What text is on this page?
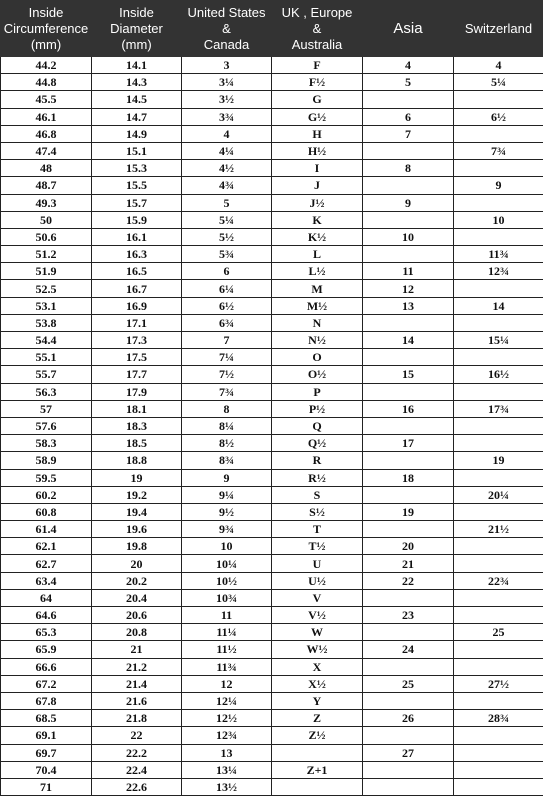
Inside
Circumference
(mm)	Inside
Diameter
(mm)	United States
&
Canada	UK , Europe
&
Australia	Asia	Switzerland

44.2	14.1	3	F	4	4
44.8	14.3	3¼	F½	5	5¼
45.5	14.5	3½	G		
46.1	14.7	3¾	G½	6	6½
46.8	14.9	4	H	7	
47.4	15.1	4¼	H½		7¾
48	15.3	4½	I	8	
48.7	15.5	4¾	J		9
49.3	15.7	5	J½	9	
50	15.9	5¼	K		10
50.6	16.1	5½	K½	10	
51.2	16.3	5¾	L		11¾
51.9	16.5	6	L½	11	12¾
52.5	16.7	6¼	M	12	
53.1	16.9	6½	M½	13	14
53.8	17.1	6¾	N		
54.4	17.3	7	N½	14	15¼
55.1	17.5	7¼	O		
55.7	17.7	7½	O½	15	16½
56.3	17.9	7¾	P		
57	18.1	8	P½	16	17¾
57.6	18.3	8¼	Q		
58.3	18.5	8½	Q½	17	
58.9	18.8	8¾	R		19
59.5	19	9	R½	18	
60.2	19.2	9¼	S		20¼
60.8	19.4	9½	S½	19	
61.4	19.6	9¾	T		21½
62.1	19.8	10	T½	20	
62.7	20	10¼	U	21	
63.4	20.2	10½	U½	22	22¾
64	20.4	10¾	V		
64.6	20.6	11	V½	23	
65.3	20.8	11¼	W		25
65.9	21	11½	W½	24	
66.6	21.2	11¾	X		
67.2	21.4	12	X½	25	27½
67.8	21.6	12¼	Y		
68.5	21.8	12½	Z	26	28¾
69.1	22	12¾	Z½		
69.7	22.2	13		27	
70.4	22.4	13¼	Z+1		
71	22.6	13½			
